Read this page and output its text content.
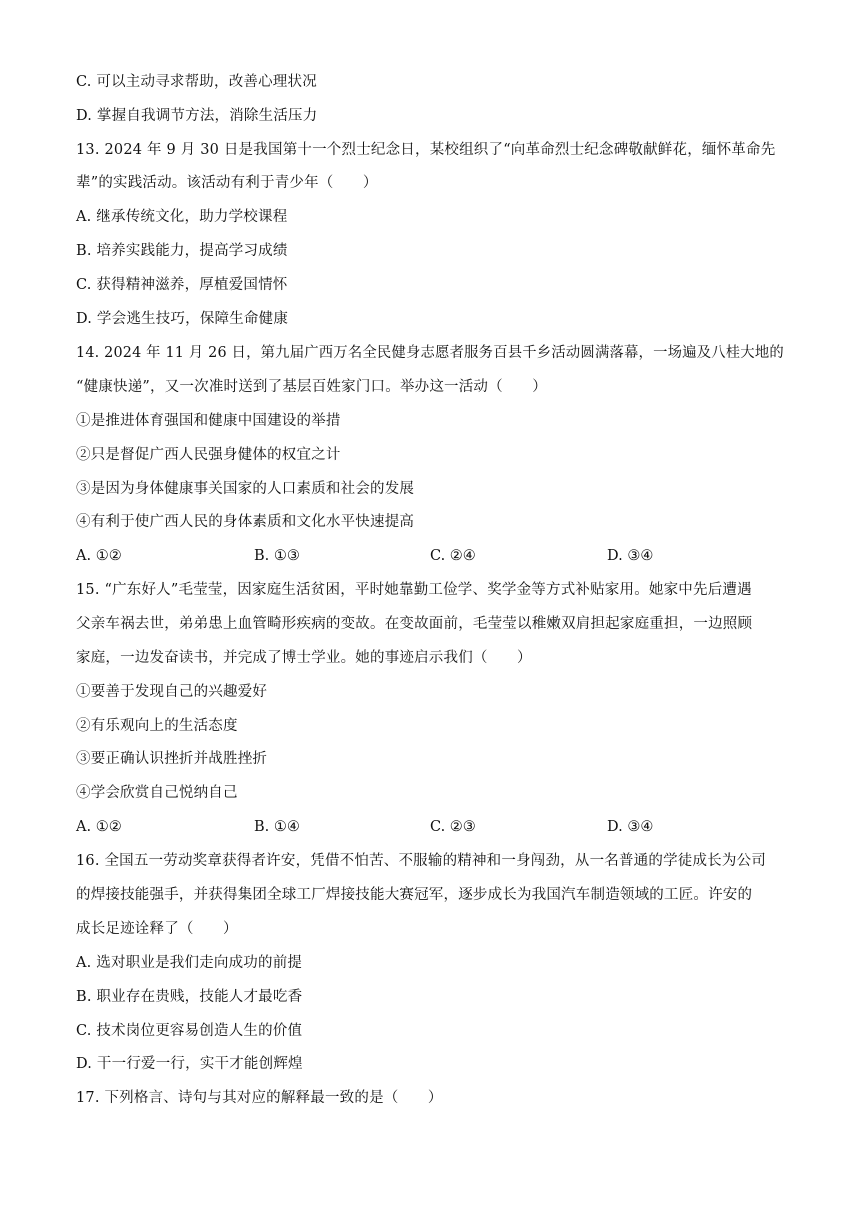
C. 可以主动寻求帮助，改善心理状况
D. 掌握自我调节方法，消除生活压力
13. 2024 年 9 月 30 日是我国第十一个烈士纪念日，某校组织了“向革命烈士纪念碑敬献鲜花，缅怀革命先
辈”的实践活动。该活动有利于青少年（　　）
A. 继承传统文化，助力学校课程
B. 培养实践能力，提高学习成绩
C. 获得精神滋养，厚植爱国情怀
D. 学会逃生技巧，保障生命健康
14. 2024 年 11 月 26 日，第九届广西万名全民健身志愿者服务百县千乡活动圆满落幕，一场遍及八桂大地的
“健康快递”，又一次准时送到了基层百姓家门口。举办这一活动（　　）
①是推进体育强国和健康中国建设的举措
②只是督促广西人民强身健体的权宜之计
③是因为身体健康事关国家的人口素质和社会的发展
④有利于使广西人民的身体素质和文化水平快速提高
A. ①②	B. ①③	C. ②④	D. ③④
15. “广东好人”毛莹莹，因家庭生活贫困，平时她靠勤工俭学、奖学金等方式补贴家用。她家中先后遭遇
父亲车祸去世，弟弟患上血管畸形疾病的变故。在变故面前，毛莹莹以稚嫩双肩担起家庭重担，一边照顾
家庭，一边发奋读书，并完成了博士学业。她的事迹启示我们（　　）
①要善于发现自己的兴趣爱好
②有乐观向上的生活态度
③要正确认识挫折并战胜挫折
④学会欣赏自己悦纳自己
A. ①②	B. ①④	C. ②③	D. ③④
16. 全国五一劳动奖章获得者许安，凭借不怕苦、不服输的精神和一身闯劲，从一名普通的学徒成长为公司
的焊接技能强手，并获得集团全球工厂焊接技能大赛冠军，逐步成长为我国汽车制造领域的工匠。许安的
成长足迹诠释了（　　）
A. 选对职业是我们走向成功的前提
B. 职业存在贵贱，技能人才最吃香
C. 技术岗位更容易创造人生的价值
D. 干一行爱一行，实干才能创辉煌
17. 下列格言、诗句与其对应的解释最一致的是（　　）
